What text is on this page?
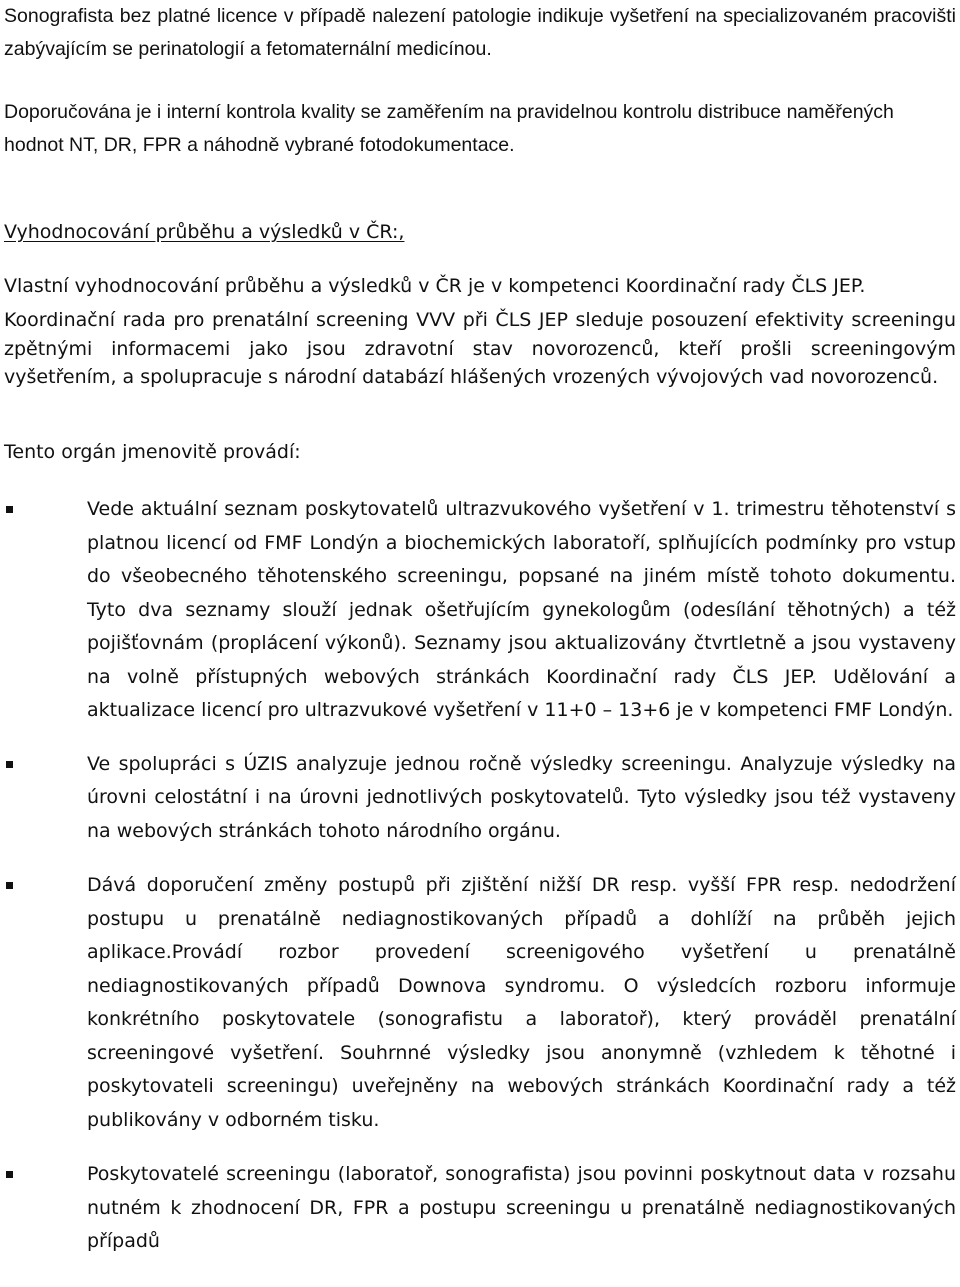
Sonografista bez platné licence v případě nalezení patologie indikuje vyšetření na specializovaném pracovišti zabývajícím se perinatologií a fetomaternální medicínou.

Doporučována je i interní kontrola kvality se zaměřením na pravidelnou kontrolu distribuce naměřených hodnot NT, DR, FPR a náhodně vybrané fotodokumentace.

Vyhodnocování průběhu a výsledků v ČR:,

Vlastní vyhodnocování průběhu a výsledků v ČR je v kompetenci Koordinační rady ČLS JEP.

Koordinační rada pro prenatální screening VVV při ČLS JEP sleduje posouzení efektivity screeningu zpětnými informacemi jako jsou zdravotní stav novorozenců, kteří prošli screeningovým vyšetřením, a spolupracuje s národní databází hlášených vrozených vývojových vad novorozenců.

Tento orgán jmenovitě provádí:

Vede aktuální seznam poskytovatelů ultrazvukového vyšetření v 1. trimestru těhotenství s platnou licencí od FMF Londýn a biochemických laboratoří, splňujících podmínky pro vstup do všeobecného těhotenského screeningu, popsané na jiném místě tohoto dokumentu. Tyto dva seznamy slouží jednak ošetřujícím gynekologům (odesílání těhotných) a též pojišťovnám (proplácení výkonů). Seznamy jsou aktualizovány čtvrtletně a jsou vystaveny na volně přístupných webových stránkách Koordinační rady ČLS JEP. Udělování a aktualizace licencí pro ultrazvukové vyšetření v 11+0 – 13+6 je v kompetenci FMF Londýn.
Ve spolupráci s ÚZIS analyzuje jednou ročně výsledky screeningu. Analyzuje výsledky na úrovni celostátní i na úrovni jednotlivých poskytovatelů. Tyto výsledky jsou též vystaveny na webových stránkách tohoto národního orgánu.
Dává doporučení změny postupů při zjištění nižší DR resp. vyšší FPR resp. nedodržení postupu u prenatálně nediagnostikovaných případů a dohlíží na průběh jejich aplikace.Provádí rozbor provedení screenigového vyšetření u prenatálně nediagnostikovaných případů Downova syndromu. O výsledcích rozboru informuje konkrétního poskytovatele (sonografistu a laboratoř), který prováděl prenatální screeningové vyšetření. Souhrnné výsledky jsou anonymně (vzhledem k těhotné i poskytovateli screeningu) uveřejněny na webových stránkách Koordinační rady a též publikovány v odborném tisku.
Poskytovatelé screeningu (laboratoř, sonografista) jsou povinni poskytnout data v rozsahu nutném k zhodnocení DR, FPR a postupu screeningu u prenatálně nediagnostikovaných případů
